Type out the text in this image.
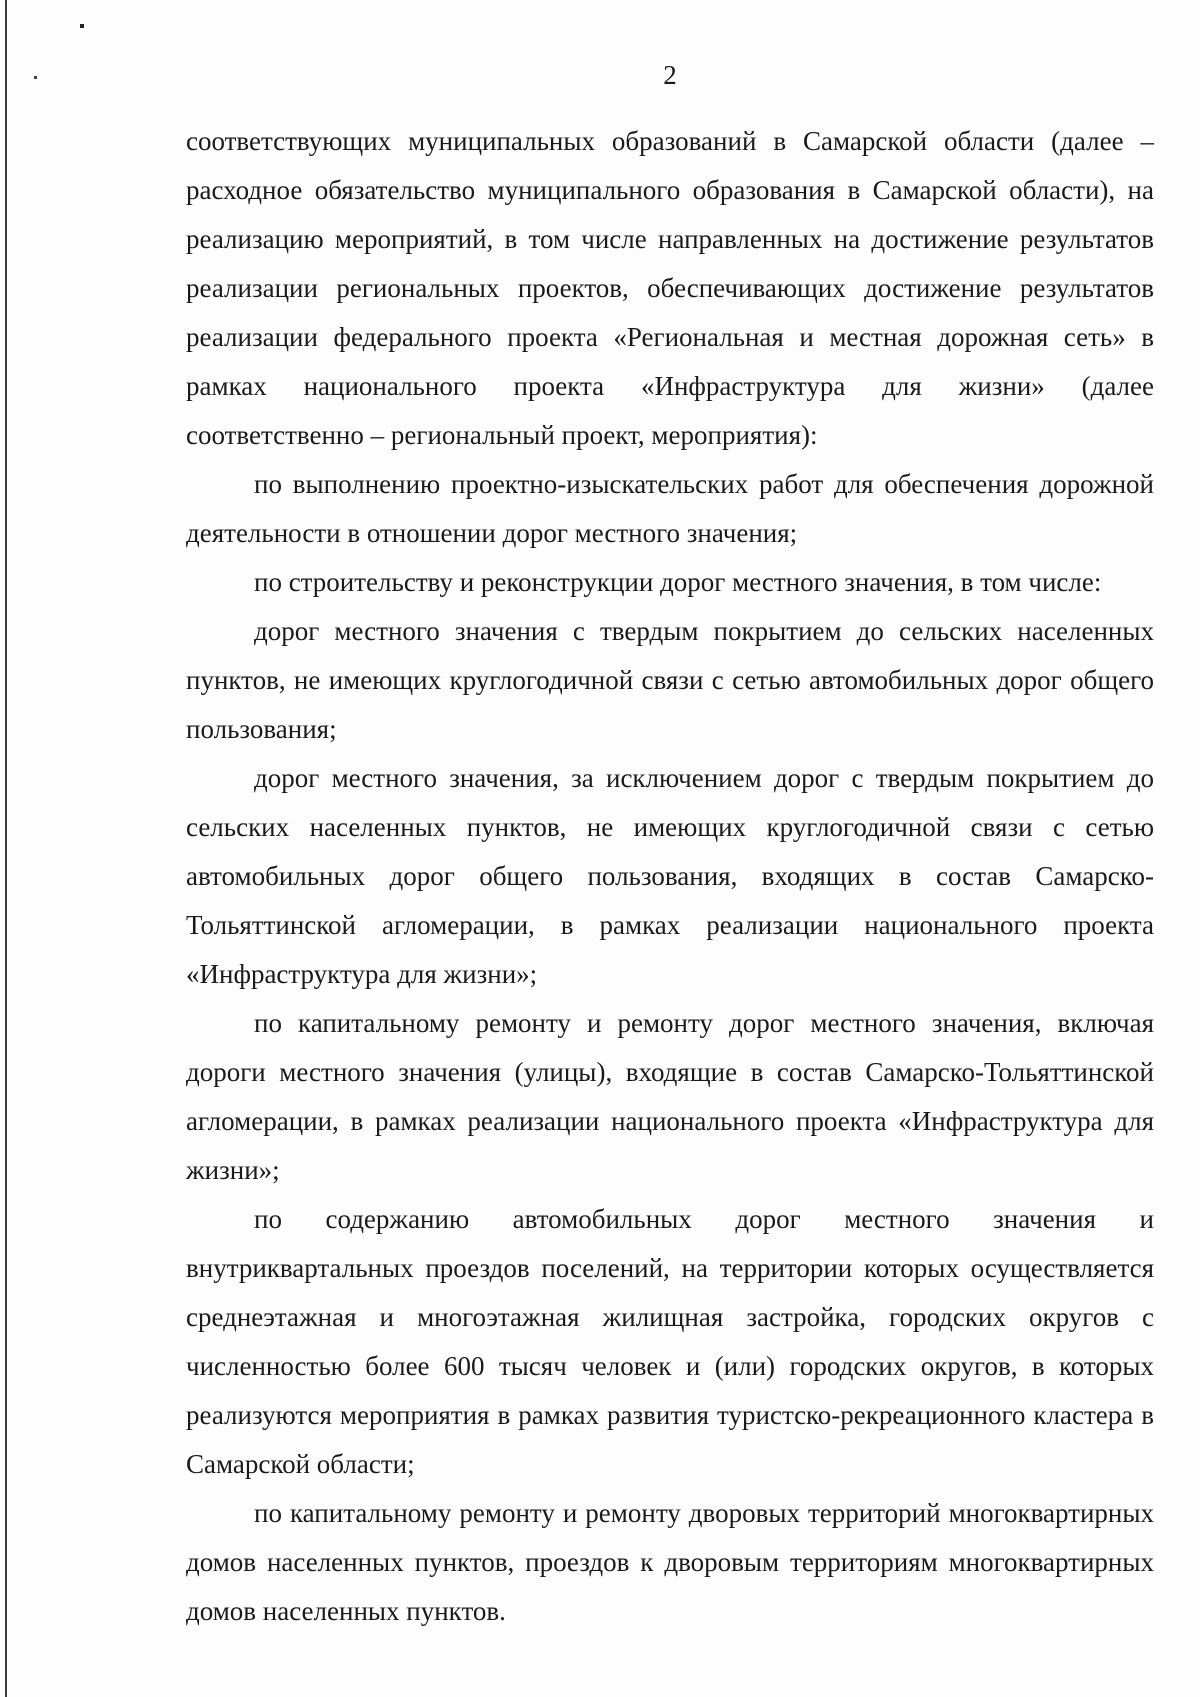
2

соответствующих муниципальных образований в Самарской области (далее – расходное обязательство муниципального образования в Самарской области), на реализацию мероприятий, в том числе направленных на достижение результатов реализации региональных проектов, обеспечивающих достижение результатов реализации федерального проекта «Региональная и местная дорожная сеть» в рамках национального проекта «Инфраструктура для жизни» (далее соответственно – региональный проект, мероприятия):

по выполнению проектно-изыскательских работ для обеспечения дорожной деятельности в отношении дорог местного значения;

по строительству и реконструкции дорог местного значения, в том числе:

дорог местного значения с твердым покрытием до сельских населенных пунктов, не имеющих круглогодичной связи с сетью автомобильных дорог общего пользования;

дорог местного значения, за исключением дорог с твердым покрытием до сельских населенных пунктов, не имеющих круглогодичной связи с сетью автомобильных дорог общего пользования, входящих в состав Самарско-Тольяттинской агломерации, в рамках реализации национального проекта «Инфраструктура для жизни»;

по капитальному ремонту и ремонту дорог местного значения, включая дороги местного значения (улицы), входящие в состав Самарско-Тольяттинской агломерации, в рамках реализации национального проекта «Инфраструктура для жизни»;

по содержанию автомобильных дорог местного значения и внутриквартальных проездов поселений, на территории которых осуществляется среднеэтажная и многоэтажная жилищная застройка, городских округов с численностью более 600 тысяч человек и (или) городских округов, в которых реализуются мероприятия в рамках развития туристско-рекреационного кластера в Самарской области;

по капитальному ремонту и ремонту дворовых территорий многоквартирных домов населенных пунктов, проездов к дворовым территориям многоквартирных домов населенных пунктов.
